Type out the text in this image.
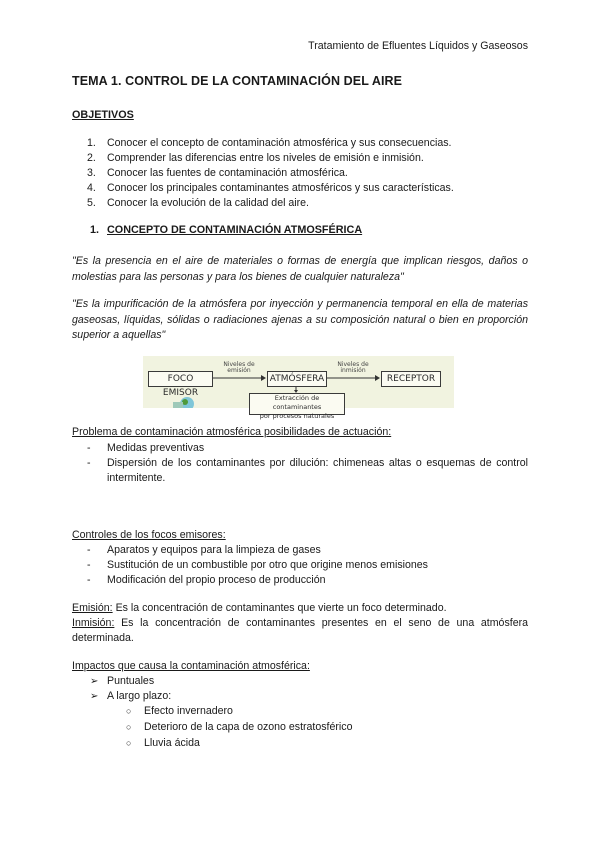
Tratamiento de Efluentes Líquidos y Gaseosos
TEMA 1. CONTROL DE LA CONTAMINACIÓN DEL AIRE
OBJETIVOS
1. Conocer el concepto de contaminación atmosférica y sus consecuencias.
2. Comprender las diferencias entre los niveles de emisión e inmisión.
3. Conocer las fuentes de contaminación atmosférica.
4. Conocer los principales contaminantes atmosféricos y sus características.
5. Conocer la evolución de la calidad del aire.
1. CONCEPTO DE CONTAMINACIÓN ATMOSFÉRICA
"Es la presencia en el aire de materiales o formas de energía que implican riesgos, daños o molestias para las personas y para los bienes de cualquier naturaleza"
"Es la impurificación de la atmósfera por inyección y permanencia temporal en ella de materias gaseosas, líquidas, sólidas o radiaciones ajenas a su composición natural o bien en proporción superior a aquellas"
FOCO EMISOR
ATMÓSFERA	RECEPTOR
Niveles de
emisión
Niveles de
inmisión
Extracción de contaminantes
por procesos naturales
Problema de contaminación atmosférica posibilidades de actuación:
- Medidas preventivas
- Dispersión de los contaminantes por dilución: chimeneas altas o esquemas de control intermitente.
Controles de los focos emisores:
- Aparatos y equipos para la limpieza de gases
- Sustitución de un combustible por otro que origine menos emisiones
- Modificación del propio proceso de producción
Emisión: Es la concentración de contaminantes que vierte un foco determinado.
Inmisión: Es la concentración de contaminantes presentes en el seno de una atmósfera determinada.
Impactos que causa la contaminación atmosférica:
➢ Puntuales
➢ A largo plazo:
○ Efecto invernadero
○ Deterioro de la capa de ozono estratosférico
○ Lluvia ácida
